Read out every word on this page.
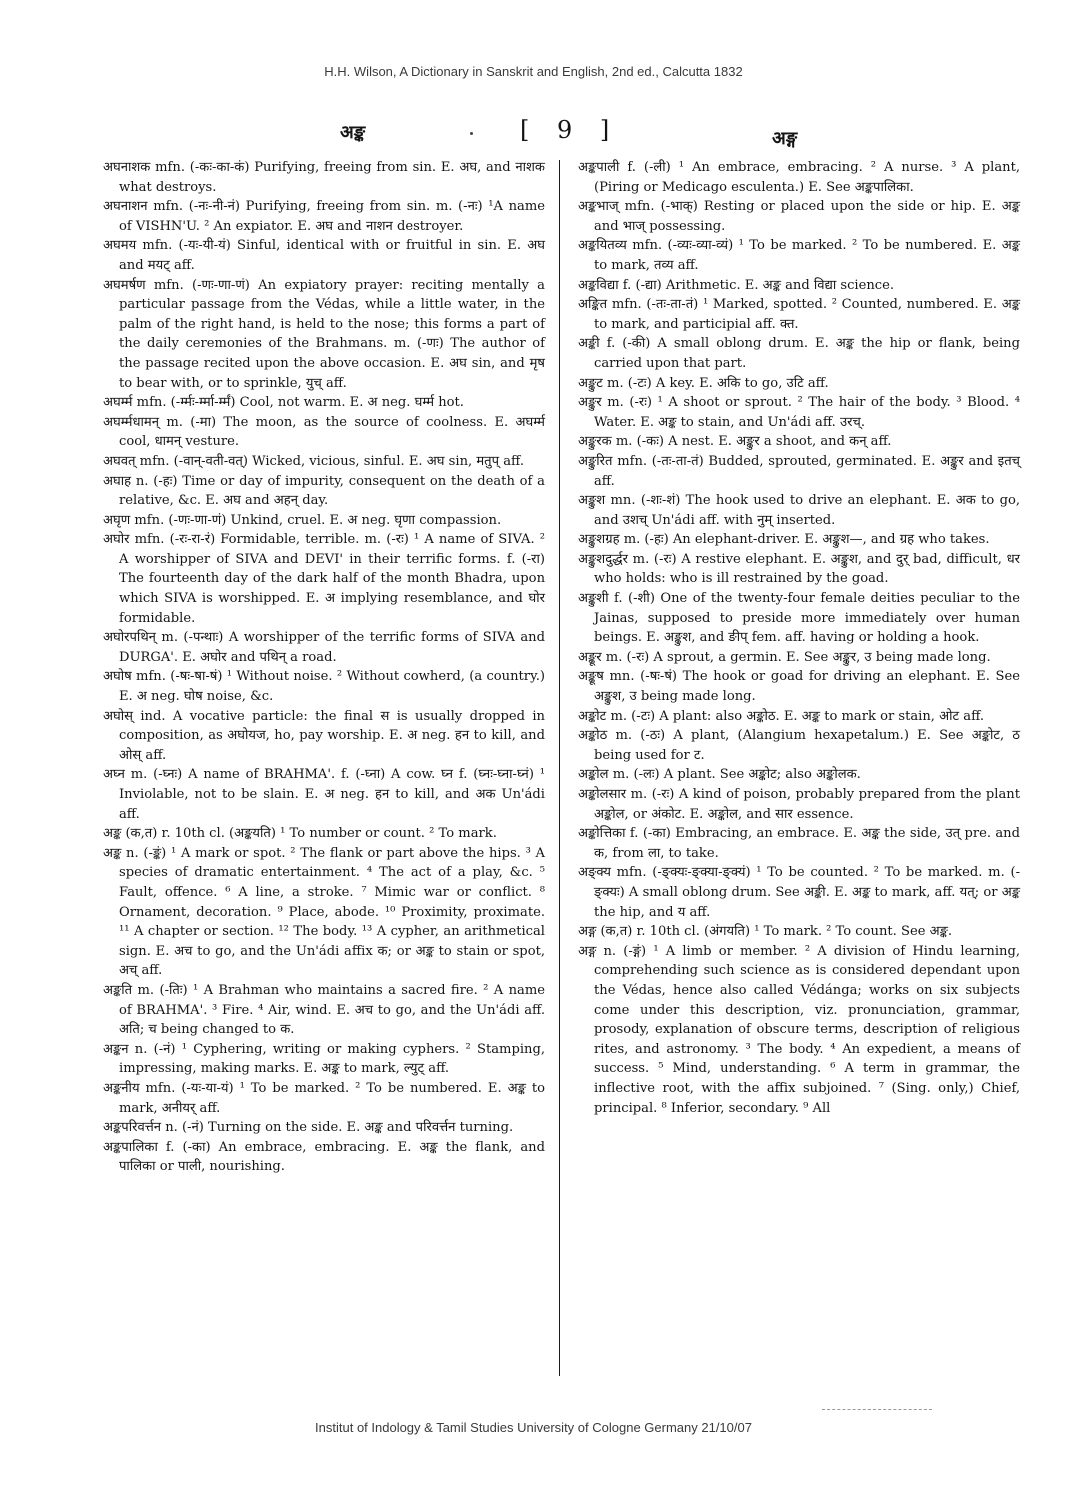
H.H. Wilson, A Dictionary in Sanskrit and English, 2nd ed., Calcutta 1832
अङ्क	[ 9 ]	अङ्ग

अघनाशक mfn. (-कः-का-कं) Purifying, freeing from sin. E. अघ, and नाशक what destroys.

अघनाशन mfn. (-नः-नी-नं) Purifying, freeing from sin. m. (-नः) ¹A name of VISHN'U. ² An expiator. E. अघ and नाशन destroyer.

अघमय mfn. (-यः-यी-यं) Sinful, identical with or fruitful in sin. E. अघ and मयट् aff.

अघमर्षण mfn. (-णः-णा-णं) An expiatory prayer: reciting mentally a particular passage from the Védas, while a little water, in the palm of the right hand, is held to the nose; this forms a part of the daily ceremonies of the Brahmans. m. (-णः) The author of the passage recited upon the above occasion. E. अघ sin, and मृष to bear with, or to sprinkle, युच् aff.

अघर्म्म mfn. (-र्म्मः-र्म्मा-र्म्मं) Cool, not warm. E. अ neg. घर्म्म hot.

अघर्म्मधामन् m. (-मा) The moon, as the source of coolness. E. अघर्म्म cool, धामन् vesture.

अघवत् mfn. (-वान्-वती-वत्) Wicked, vicious, sinful. E. अघ sin, मतुप् aff.

अघाह n. (-हः) Time or day of impurity, consequent on the death of a relative, &c. E. अघ and अहन् day.

अघृण mfn. (-णः-णा-णं) Unkind, cruel. E. अ neg. घृणा compassion.

अघोर mfn. (-रः-रा-रं) Formidable, terrible. m. (-रः) ¹ A name of SIVA. ² A worshipper of SIVA and DEVI' in their terrific forms. f. (-रा) The fourteenth day of the dark half of the month Bhadra, upon which SIVA is worshipped. E. अ implying resemblance, and घोर formidable.

अघोरपथिन् m. (-पन्थाः) A worshipper of the terrific forms of SIVA and DURGA'. E. अघोर and पथिन् a road.

अघोष mfn. (-षः-षा-षं) ¹ Without noise. ² Without cowherd, (a country.) E. अ neg. घोष noise, &c.

अघोस् ind. A vocative particle: the final स is usually dropped in composition, as अघोयज, ho, pay worship. E. अ neg. हन to kill, and ओस् aff.

अघ्न m. (-घ्नः) A name of BRAHMA'. f. (-घ्ना) A cow. घ्न f. (घ्नः-घ्ना-घ्नं) ¹ Inviolable, not to be slain. E. अ neg. हन to kill, and अक Un'ádi aff.

अङ्क (क,त) r. 10th cl. (अङ्कयति) ¹ To number or count. ² To mark.

अङ्क n. (-ङ्कं) ¹ A mark or spot. ² The flank or part above the hips. ³ A species of dramatic entertainment. ⁴ The act of a play, &c. ⁵ Fault, offence. ⁶ A line, a stroke. ⁷ Mimic war or conflict. ⁸ Ornament, decoration. ⁹ Place, abode. ¹⁰ Proximity, proximate. ¹¹ A chapter or section. ¹² The body. ¹³ A cypher, an arithmetical sign. E. अच to go, and the Un'ádi affix क; or अङ्क to stain or spot, अच् aff.

अङ्कति m. (-तिः) ¹ A Brahman who maintains a sacred fire. ² A name of BRAHMA'. ³ Fire. ⁴ Air, wind. E. अच to go, and the Un'ádi aff. अति; च being changed to क.

अङ्कन n. (-नं) ¹ Cyphering, writing or making cyphers. ² Stamping, impressing, making marks. E. अङ्क to mark, ल्युट् aff.

अङ्कनीय mfn. (-यः-या-यं) ¹ To be marked. ² To be numbered. E. अङ्क to mark, अनीयर् aff.

अङ्कपरिवर्त्तन n. (-नं) Turning on the side. E. अङ्क and परिवर्त्तन turning.

अङ्कपालिका f. (-का) An embrace, embracing. E. अङ्क the flank, and पालिका or पाली, nourishing.

अङ्कपाली f. (-ली) ¹ An embrace, embracing. ² A nurse. ³ A plant, (Piring or Medicago esculenta.) E. See अङ्कपालिका.

अङ्कभाज् mfn. (-भाक्) Resting or placed upon the side or hip. E. अङ्क and भाज् possessing.

अङ्कयितव्य mfn. (-व्यः-व्या-व्यं) ¹ To be marked. ² To be numbered. E. अङ्क to mark, तव्य aff.

अङ्कविद्या f. (-द्या) Arithmetic. E. अङ्क and विद्या science.

अङ्कित mfn. (-तः-ता-तं) ¹ Marked, spotted. ² Counted, numbered. E. अङ्क to mark, and participial aff. क्त.

अङ्की f. (-की) A small oblong drum. E. अङ्क the hip or flank, being carried upon that part.

अङ्कुट m. (-टः) A key. E. अकि to go, उटि aff.

अङ्कुर m. (-रः) ¹ A shoot or sprout. ² The hair of the body. ³ Blood. ⁴ Water. E. अङ्क to stain, and Un'ádi aff. उरच्.

अङ्कुरक m. (-कः) A nest. E. अङ्कुर a shoot, and कन् aff.

अङ्कुरित mfn. (-तः-ता-तं) Budded, sprouted, germinated. E. अङ्कुर and इतच् aff.

अङ्कुश mn. (-शः-शं) The hook used to drive an elephant. E. अक to go, and उशच् Un'ádi aff. with नुम् inserted.

अङ्कुशग्रह m. (-हः) An elephant-driver. E. अङ्कुश—, and ग्रह who takes.

अङ्कुशदुर्द्धर m. (-रः) A restive elephant. E. अङ्कुश, and दुर् bad, difficult, धर who holds: who is ill restrained by the goad.

अङ्कुशी f. (-शी) One of the twenty-four female deities peculiar to the Jainas, supposed to preside more immediately over human beings. E. अङ्कुश, and ङीप् fem. aff. having or holding a hook.

अङ्कूर m. (-रः) A sprout, a germin. E. See अङ्कुर, उ being made long.

अङ्कूष mn. (-षः-षं) The hook or goad for driving an elephant. E. See अङ्कुश, उ being made long.

अङ्कोट m. (-टः) A plant: also अङ्कोठ. E. अङ्क to mark or stain, ओट aff.

अङ्कोठ m. (-ठः) A plant, (Alangium hexapetalum.) E. See अङ्कोट, ठ being used for ट.

अङ्कोल m. (-लः) A plant. See अङ्कोट; also अङ्कोलक.

अङ्कोलसार m. (-रः) A kind of poison, probably prepared from the plant अङ्कोल, or अंकोट. E. अङ्कोल, and सार essence.

अङ्कोत्तिका f. (-का) Embracing, an embrace. E. अङ्क the side, उत् pre. and क, from ला, to take.

अङ्क्य mfn. (-ङ्क्यः-ङ्क्या-ङ्क्यं) ¹ To be counted. ² To be marked. m. (-ङ्क्यः) A small oblong drum. See अङ्की. E. अङ्क to mark, aff. यत्; or अङ्क the hip, and य aff.

अङ्ग (क,त) r. 10th cl. (अंगयति) ¹ To mark. ² To count. See अङ्क.

अङ्ग n. (-ङ्गं) ¹ A limb or member. ² A division of Hindu learning, comprehending such science as is considered dependant upon the Védas, hence also called Védánga; works on six subjects come under this description, viz. pronunciation, grammar, prosody, explanation of obscure terms, description of religious rites, and astronomy. ³ The body. ⁴ An expedient, a means of success. ⁵ Mind, understanding. ⁶ A term in grammar, the inflective root, with the affix subjoined. ⁷ (Sing. only,) Chief, principal. ⁸ Inferior, secondary. ⁹ All

Institut of Indology & Tamil Studies University of Cologne Germany 21/10/07
